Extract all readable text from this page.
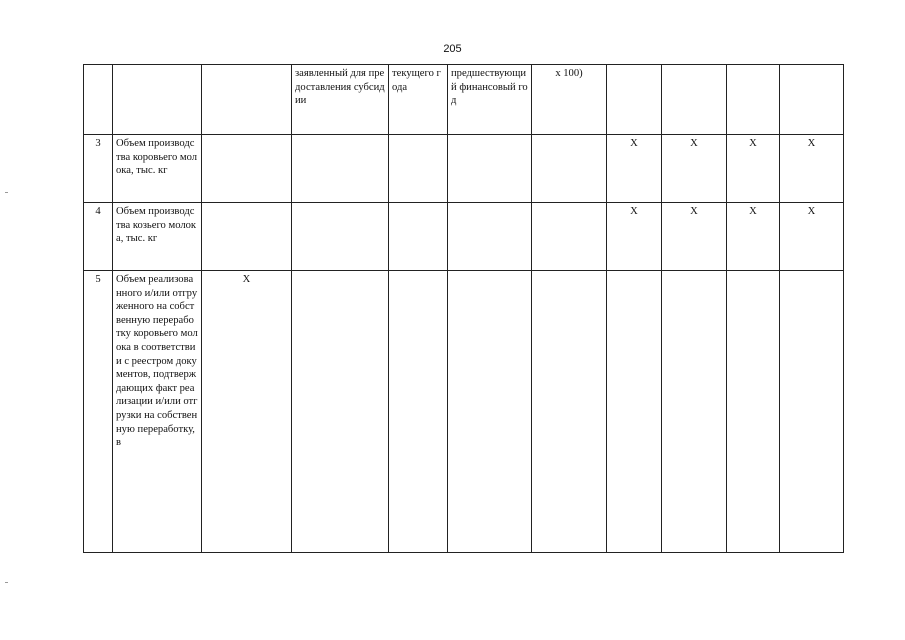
205
			заявленный для предоставления субсидии	текущего года	предшествующий финансовый год	х 100)				
3	Объем производства коровьего молока, тыс. кг						X	X	X	X
4	Объем производства козьего молока, тыс. кг						X	X	X	X
5	Объем реализованного и/или отгруженного на собственную переработку коровьего молока в соответствии с реестром документов, подтверждающих факт реализации и/или отгрузки на собственную переработку, в	X								
